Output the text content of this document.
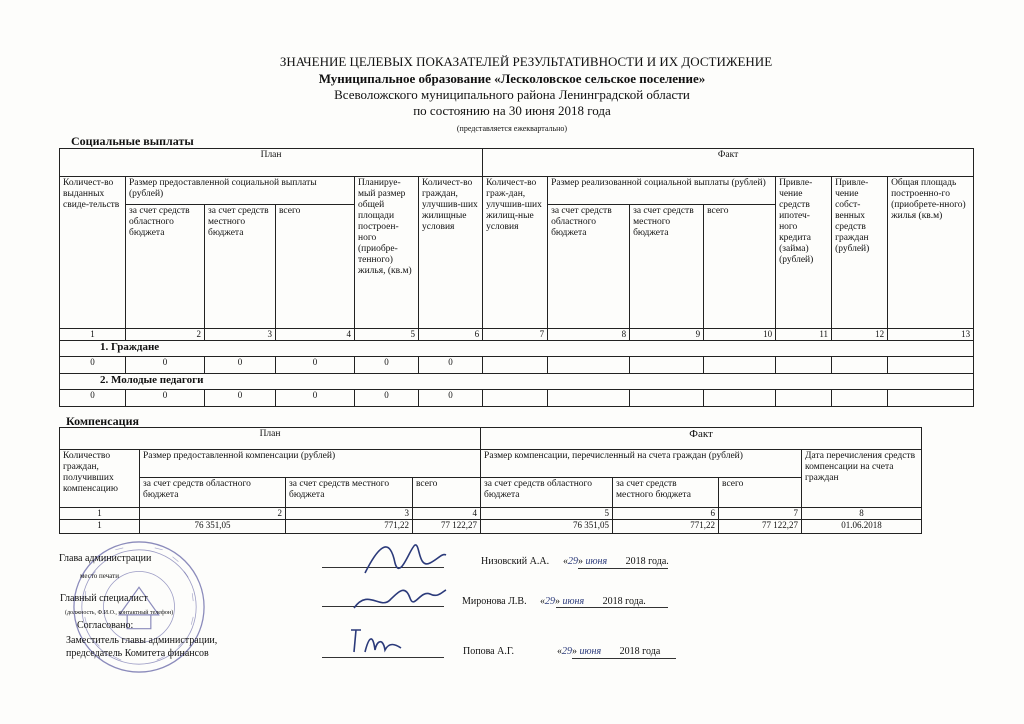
ЗНАЧЕНИЕ ЦЕЛЕВЫХ ПОКАЗАТЕЛЕЙ РЕЗУЛЬТАТИВНОСТИ И ИХ ДОСТИЖЕНИЕ
Муниципальное образование «Лесколовское сельское поселение»
Всеволожского муниципального района Ленинградской области
по состоянию на 30 июня 2018 года
(представляется ежеквартально)
Социальные выплаты
План						Факт						
Количест-во выданных свиде-тельств	Размер предоставленной социальной выплаты (рублей)			Планируе-мый размер общей площади построен-ного (приобре-тенного) жилья, (кв.м)	Количест-во граждан, улучшив-ших жилищные условия	Количест-во граж-дан, улучшив-ших жилищ-ные условия	Размер реализованной социальной выплаты (рублей)			Привле-чение средств ипотеч-ного кредита (займа) (рублей)	Привле-чение собст-венных средств граждан (рублей)	Общая площадь построенно-го (приобрете-нного) жилья (кв.м)
	за счет средств областного бюджета	за счет средств местного бюджета	всего				за счет средств областного бюджета	за счет средств местного бюджета	всего			
1	2	3	4	5	6	7	8	9	10	11	12	13
1. Граждане												
0	0	0	0	0	0							
2. Молодые педагоги												
0	0	0	0	0	0							
Компенсация
План				Факт			
Количество граждан, получивших компенсацию	Размер предоставленной компенсации (рублей)			Размер компенсации, перечисленный на счета граждан (рублей)			Дата перечисления средств компенсации на счета граждан
	за счет средств областного бюджета	за счет средств местного бюджета	всего	за счет средств областного бюджета	за счет средств местного бюджета	всего	
1	2	3	4	5	6	7	8
1	76 351,05	771,22	77 122,27	76 351,05	771,22	77 122,27	01.06.2018
Глава администрации
место печати
Низовский А.А. «29» июня 2018 года.
Главный специалист
(должность, Ф.И.О., контактный телефон)
Миронова Л.В. «29» июня 2018 года.
Согласовано:
Заместитель главы администрации, председатель Комитета финансов	Попова А.Г.	«29» июня 2018 года
